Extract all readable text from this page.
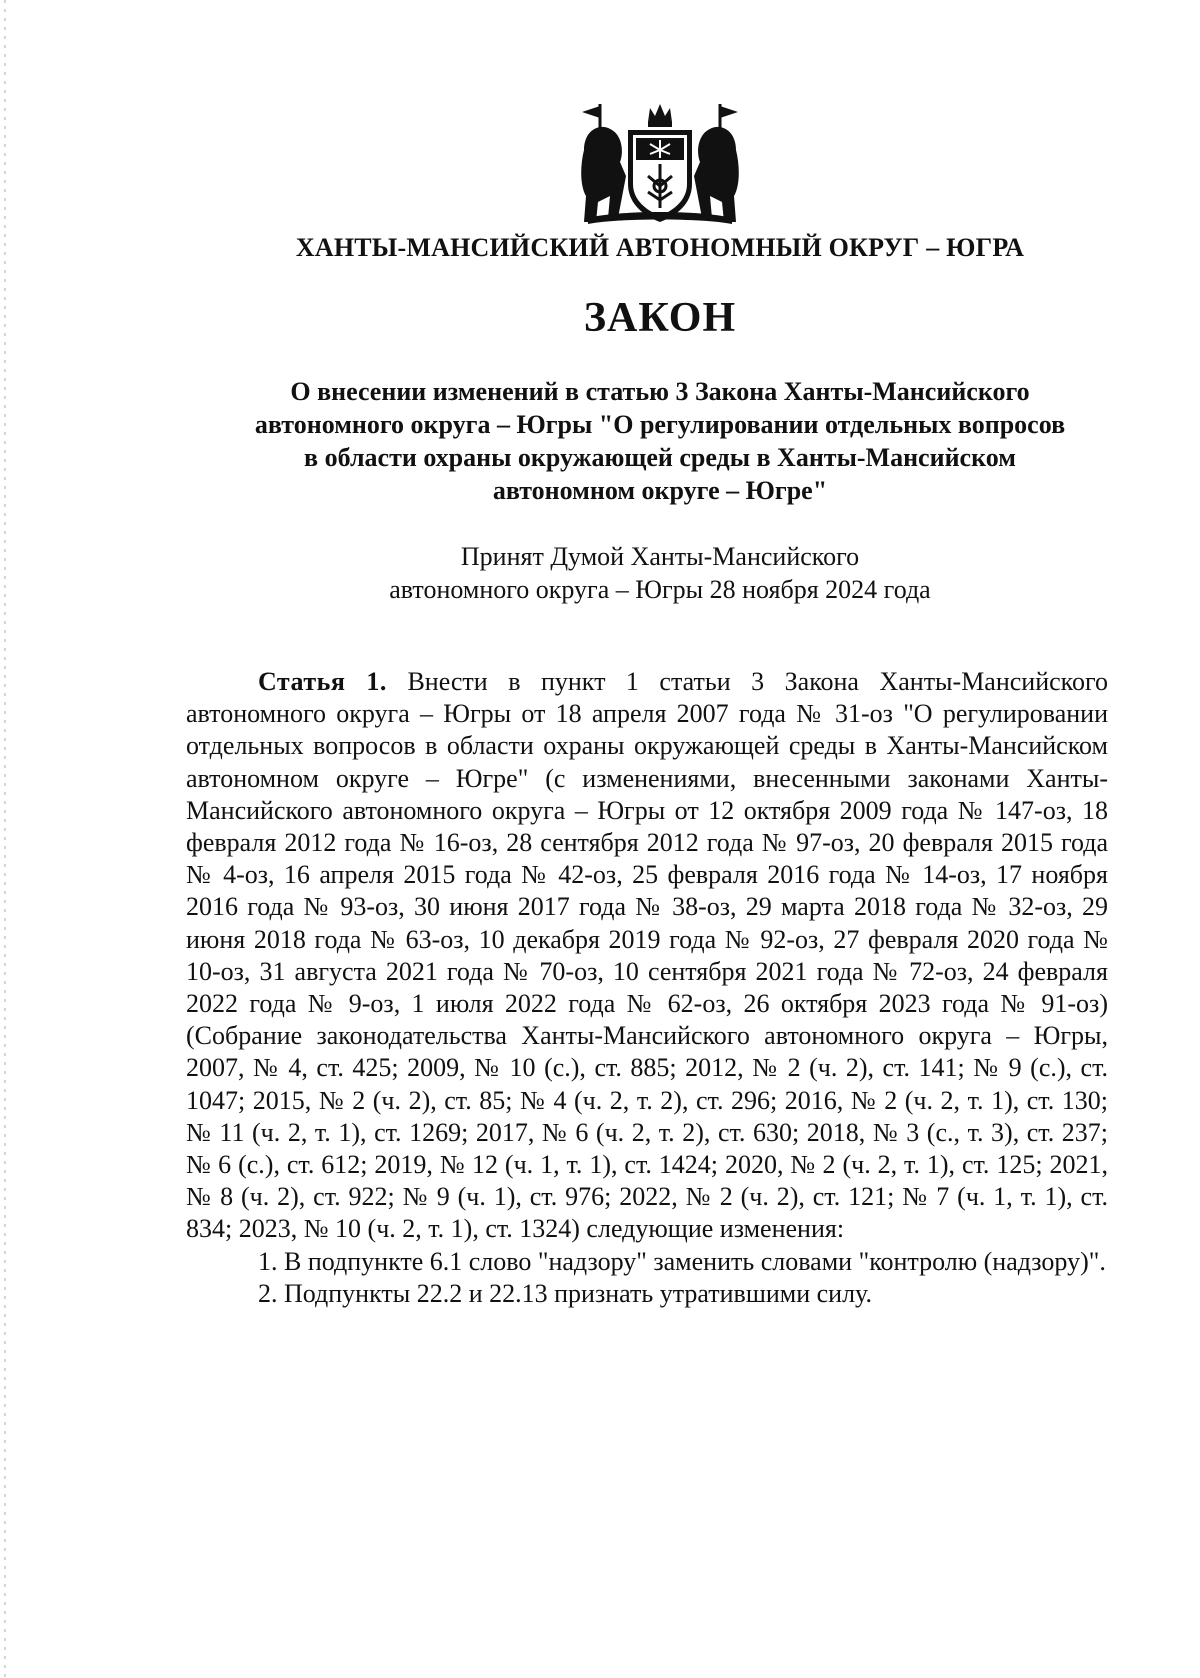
ХАНТЫ-МАНСИЙСКИЙ АВТОНОМНЫЙ ОКРУГ – ЮГРА
ЗАКОН
О внесении изменений в статью 3 Закона Ханты-Мансийского
автономного округа – Югры "О регулировании отдельных вопросов
в области охраны окружающей среды в Ханты-Мансийском
автономном округе – Югре"
Принят Думой Ханты-Мансийского
автономного округа – Югры 28 ноября 2024 года

Статья 1. Внести в пункт 1 статьи 3 Закона Ханты-Мансийского автономного округа – Югры от 18 апреля 2007 года № 31-оз "О регулировании отдельных вопросов в области охраны окружающей среды в Ханты-Мансийском автономном округе – Югре" (с изменениями, внесенными законами Ханты-Мансийского автономного округа – Югры от 12 октября 2009 года № 147-оз, 18 февраля 2012 года № 16-оз, 28 сентября 2012 года № 97-оз, 20 февраля 2015 года № 4-оз, 16 апреля 2015 года № 42-оз, 25 февраля 2016 года № 14-оз, 17 ноября 2016 года № 93-оз, 30 июня 2017 года № 38-оз, 29 марта 2018 года № 32-оз, 29 июня 2018 года № 63-оз, 10 декабря 2019 года № 92-оз, 27 февраля 2020 года № 10-оз, 31 августа 2021 года № 70-оз, 10 сентября 2021 года № 72-оз, 24 февраля 2022 года № 9-оз, 1 июля 2022 года № 62-оз, 26 октября 2023 года № 91-оз) (Собрание законодательства Ханты-Мансийского автономного округа – Югры, 2007, № 4, ст. 425; 2009, № 10 (с.), ст. 885; 2012, № 2 (ч. 2), ст. 141; № 9 (с.), ст. 1047; 2015, № 2 (ч. 2), ст. 85; № 4 (ч. 2, т. 2), ст. 296; 2016, № 2 (ч. 2, т. 1), ст. 130; № 11 (ч. 2, т. 1), ст. 1269; 2017, № 6 (ч. 2, т. 2), ст. 630; 2018, № 3 (с., т. 3), ст. 237; № 6 (с.), ст. 612; 2019, № 12 (ч. 1, т. 1), ст. 1424; 2020, № 2 (ч. 2, т. 1), ст. 125; 2021, № 8 (ч. 2), ст. 922; № 9 (ч. 1), ст. 976; 2022, № 2 (ч. 2), ст. 121; № 7 (ч. 1, т. 1), ст. 834; 2023, № 10 (ч. 2, т. 1), ст. 1324) следующие изменения:

1. В подпункте 6.1 слово "надзору" заменить словами "контролю (надзору)".

2. Подпункты 22.2 и 22.13 признать утратившими силу.
